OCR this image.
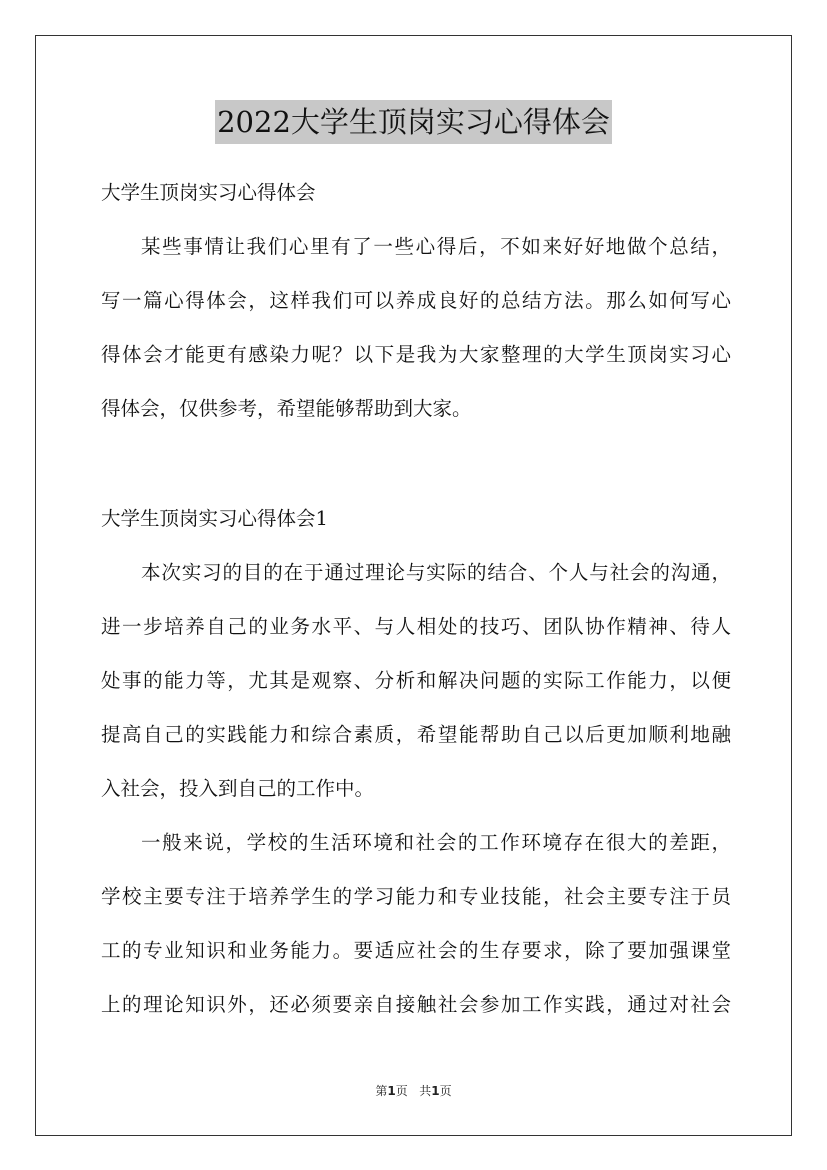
2022大学生顶岗实习心得体会
大学生顶岗实习心得体会
某些事情让我们心里有了一些心得后，不如来好好地做个总结，
写一篇心得体会，这样我们可以养成良好的总结方法。那么如何写心
得体会才能更有感染力呢？以下是我为大家整理的大学生顶岗实习心
得体会，仅供参考，希望能够帮助到大家。
大学生顶岗实习心得体会1
本次实习的目的在于通过理论与实际的结合、个人与社会的沟通，
进一步培养自己的业务水平、与人相处的技巧、团队协作精神、待人
处事的能力等，尤其是观察、分析和解决问题的实际工作能力，以便
提高自己的实践能力和综合素质，希望能帮助自己以后更加顺利地融
入社会，投入到自己的工作中。
一般来说，学校的生活环境和社会的工作环境存在很大的差距，
学校主要专注于培养学生的学习能力和专业技能，社会主要专注于员
工的专业知识和业务能力。要适应社会的生存要求，除了要加强课堂
上的理论知识外，还必须要亲自接触社会参加工作实践，通过对社会
第1页 共1页
